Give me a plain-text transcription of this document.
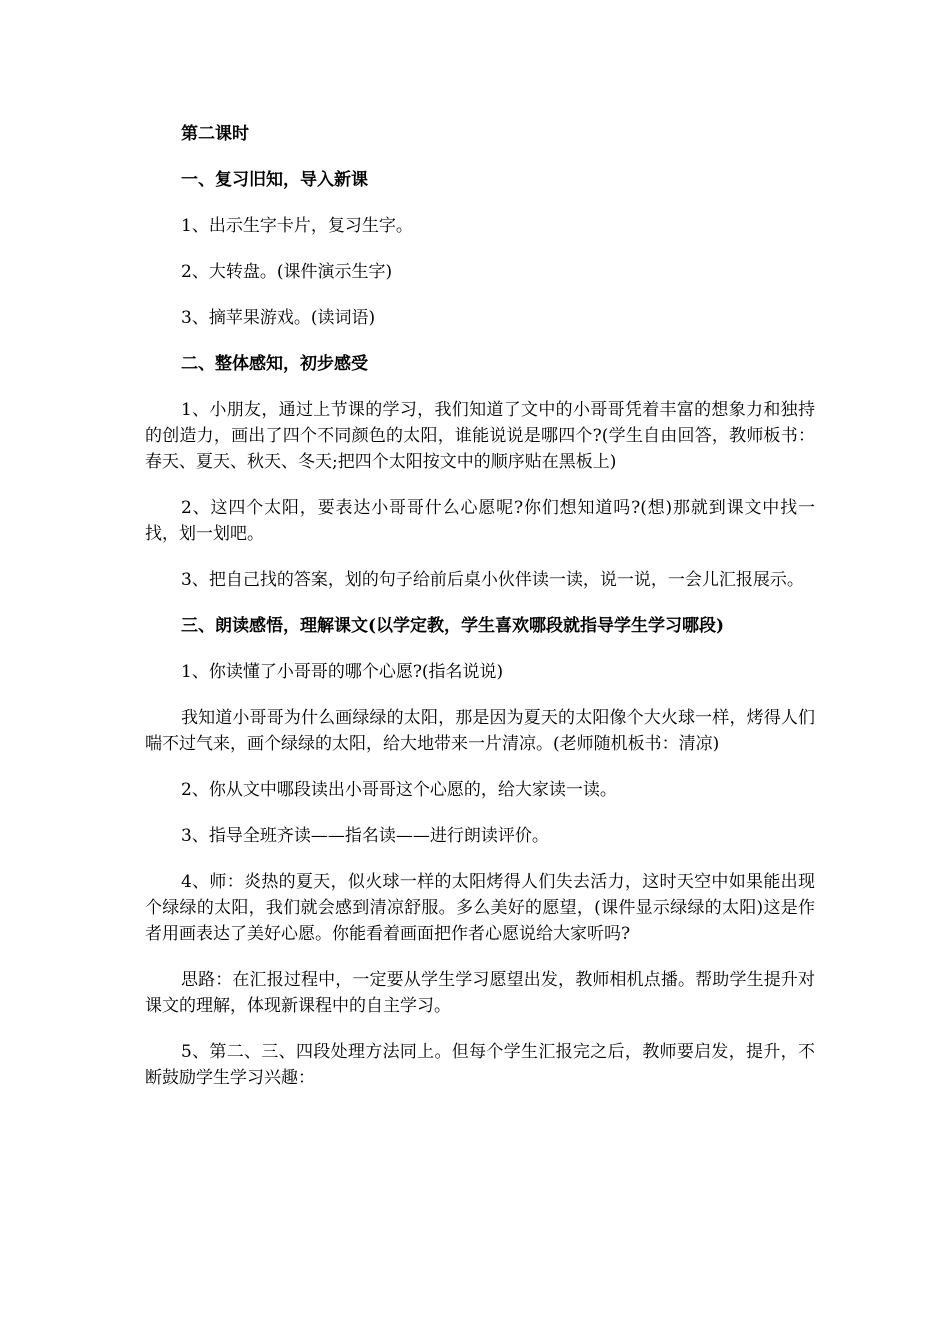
第二课时

一、复习旧知，导入新课

1、出示生字卡片，复习生字。

2、大转盘。(课件演示生字)

3、摘苹果游戏。(读词语)

二、整体感知，初步感受

1、小朋友，通过上节课的学习，我们知道了文中的小哥哥凭着丰富的想象力和独持的创造力，画出了四个不同颜色的太阳，谁能说说是哪四个?(学生自由回答，教师板书：春天、夏天、秋天、冬天;把四个太阳按文中的顺序贴在黑板上)

2、这四个太阳，要表达小哥哥什么心愿呢?你们想知道吗?(想)那就到课文中找一找，划一划吧。

3、把自己找的答案，划的句子给前后桌小伙伴读一读，说一说，一会儿汇报展示。

三、朗读感悟，理解课文(以学定教，学生喜欢哪段就指导学生学习哪段)

1、你读懂了小哥哥的哪个心愿?(指名说说)

我知道小哥哥为什么画绿绿的太阳，那是因为夏天的太阳像个大火球一样，烤得人们喘不过气来，画个绿绿的太阳，给大地带来一片清凉。(老师随机板书：清凉)

2、你从文中哪段读出小哥哥这个心愿的，给大家读一读。

3、指导全班齐读——指名读——进行朗读评价。

4、师：炎热的夏天，似火球一样的太阳烤得人们失去活力，这时天空中如果能出现个绿绿的太阳，我们就会感到清凉舒服。多么美好的愿望，(课件显示绿绿的太阳)这是作者用画表达了美好心愿。你能看着画面把作者心愿说给大家听吗?

思路：在汇报过程中，一定要从学生学习愿望出发，教师相机点播。帮助学生提升对课文的理解，体现新课程中的自主学习。

5、第二、三、四段处理方法同上。但每个学生汇报完之后，教师要启发，提升，不断鼓励学生学习兴趣：
